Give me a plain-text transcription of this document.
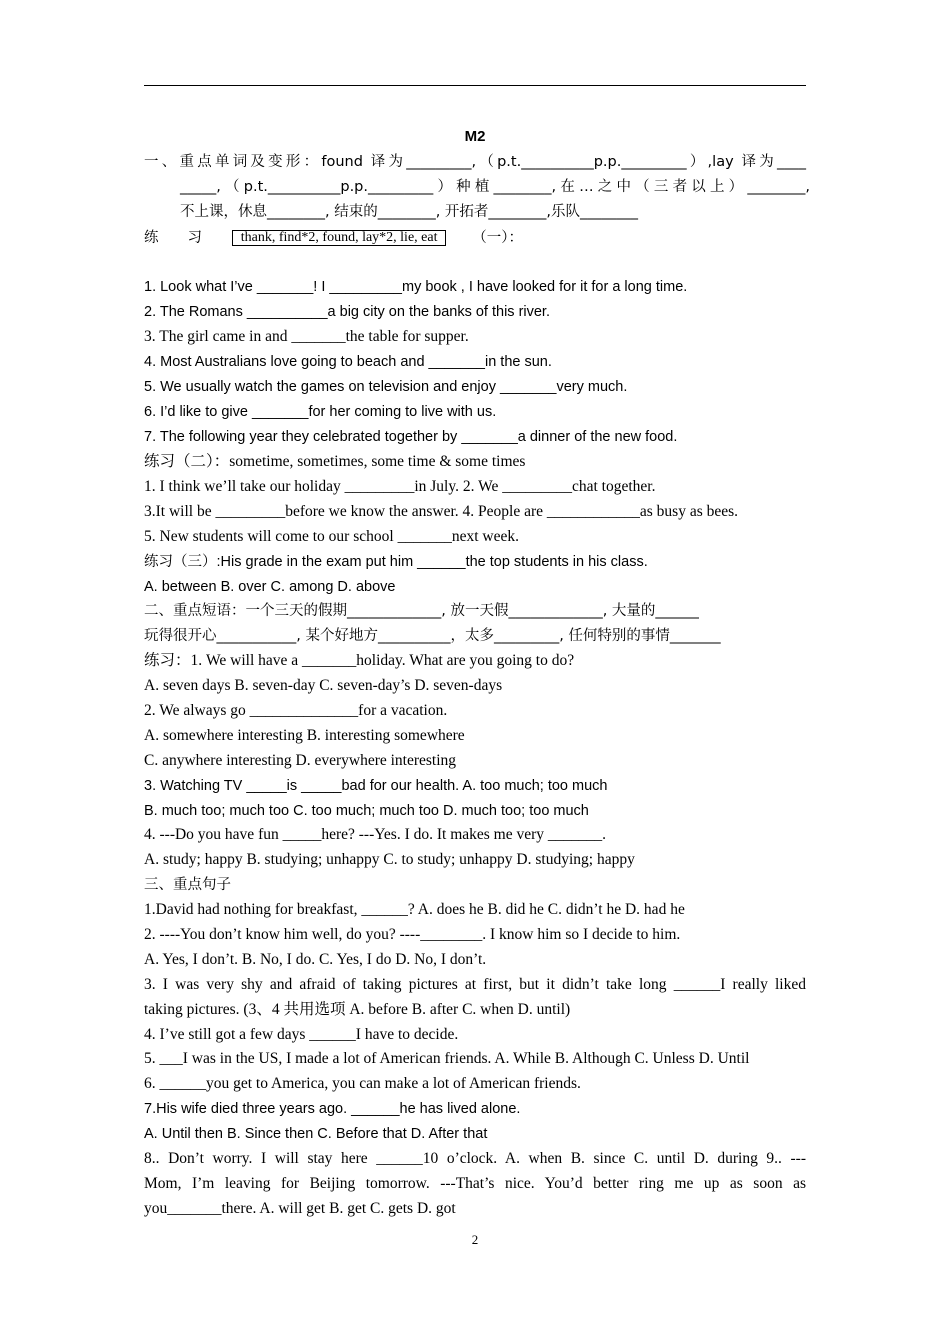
M2
一、重点单词及变形：found 译为_________,（p.t.__________p.p._________）,lay 译为____
_____,（p.t.__________p.p._________）种植________,在…之中（三者以上）________,
不上课，休息________, 结束的________, 开拓者________,乐队________
练　　习	thank, find*2, found, lay*2, lie, eat （一）：
1. Look what I’ve _______! I _________my book , I have looked for it for a long time.
2. The Romans __________a big city on the banks of this river.
3. The girl came in and _______the table for supper.
4. Most Australians love going to beach and _______in the sun.
5. We usually watch the games on television and enjoy _______very much.
6. I’d like to give _______for her coming to live with us.
7. The following year they celebrated together by _______a dinner of the new food.
练习（二）：sometime, sometimes, some time & some times
1. I think we’ll take our holiday _________in July. 2. We _________chat together.
3.It will be _________before we know the answer. 4. People are ____________as busy as bees.
5. New students will come to our school _______next week.
练习（三）:His grade in the exam put him ______the top students in his class.
A. between B. over C. among D. above
二、重点短语：一个三天的假期_____________, 放一天假_____________, 大量的______
玩得很开心___________, 某个好地方__________，太多_________, 任何特别的事情_______
练习：1. We will have a _______holiday. What are you going to do?
A. seven days B. seven-day C. seven-day’s D. seven-days
2. We always go ______________for a vacation.
A. somewhere interesting B. interesting somewhere
C. anywhere interesting D. everywhere interesting
3. Watching TV _____is _____bad for our health. A. too much; too much
B. much too; much too C. too much; much too D. much too; too much
4. ---Do you have fun _____here? ---Yes. I do. It makes me very _______.
A. study; happy B. studying; unhappy C. to study; unhappy D. studying; happy
三、重点句子
1.David had nothing for breakfast, ______? A. does he B. did he C. didn’t he D. had he
2. ----You don’t know him well, do you? ----________. I know him so I decide to him.
A. Yes, I don’t. B. No, I do. C. Yes, I do D. No, I don’t.
3. I was very shy and afraid of taking pictures at first, but it didn’t take long ______I really liked
taking pictures. (3、4 共用选项 A. before B. after C. when D. until)
4. I’ve still got a few days ______I have to decide.
5. ___I was in the US, I made a lot of American friends. A. While B. Although C. Unless D. Until
6. ______you get to America, you can make a lot of American friends.
7.His wife died three years ago. ______he has lived alone.
A. Until then B. Since then C. Before that D. After that
8.. Don’t worry. I will stay here ______10 o’clock. A. when B. since C. until D. during 9.. ---
Mom, I’m leaving for Beijing tomorrow. ---That’s nice. You’d better ring me up as soon as
you_______there. A. will get B. get C. gets D. got
2
